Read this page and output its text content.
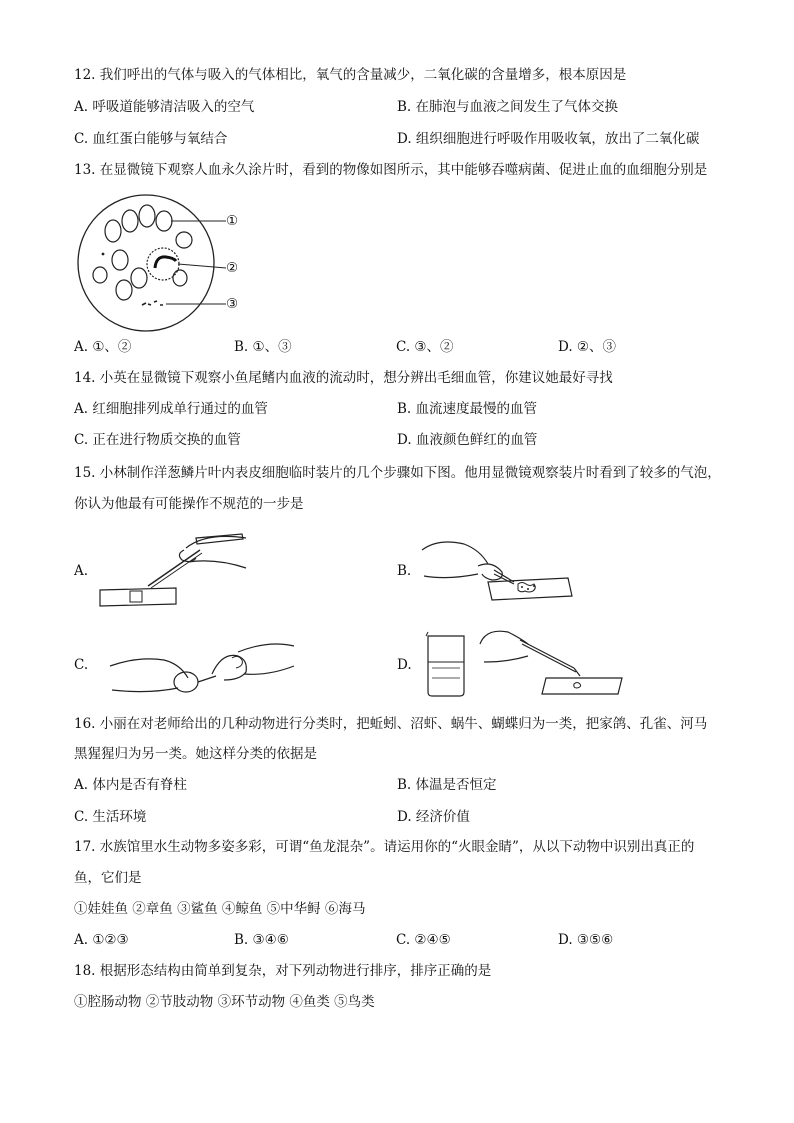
12. 我们呼出的气体与吸入的气体相比，氧气的含量减少，二氧化碳的含量增多，根本原因是
A. 呼吸道能够清洁吸入的空气	B. 在肺泡与血液之间发生了气体交换
C. 血红蛋白能够与氧结合	D. 组织细胞进行呼吸作用吸收氧，放出了二氧化碳
13. 在显微镜下观察人血永久涂片时，看到的物像如图所示，其中能够吞噬病菌、促进止血的血细胞分别是
①
②
③
A. ①、②	B. ①、③	C. ③、②	D. ②、③
14. 小英在显微镜下观察小鱼尾鳍内血液的流动时，想分辨出毛细血管，你建议她最好寻找
A. 红细胞排列成单行通过的血管	B. 血流速度最慢的血管
C. 正在进行物质交换的血管	D. 血液颜色鲜红的血管
15. 小林制作洋葱鳞片叶内表皮细胞临时装片的几个步骤如下图。他用显微镜观察装片时看到了较多的气泡，
你认为他最有可能操作不规范的一步是
A.	B.
C.	D.
16. 小丽在对老师给出的几种动物进行分类时，把蚯蚓、沼虾、蜗牛、蝴蝶归为一类，把家鸽、孔雀、河马
黑猩猩归为另一类。她这样分类的依据是
A. 体内是否有脊柱	B. 体温是否恒定
C. 生活环境	D. 经济价值
17. 水族馆里水生动物多姿多彩，可谓“鱼龙混杂”。请运用你的“火眼金睛”，从以下动物中识别出真正的
鱼，它们是
①娃娃鱼 ②章鱼 ③鲨鱼 ④鲸鱼 ⑤中华鲟 ⑥海马
A. ①②③	B. ③④⑥	C. ②④⑤	D. ③⑤⑥
18. 根据形态结构由简单到复杂，对下列动物进行排序，排序正确的是
①腔肠动物 ②节肢动物 ③环节动物 ④鱼类 ⑤鸟类
